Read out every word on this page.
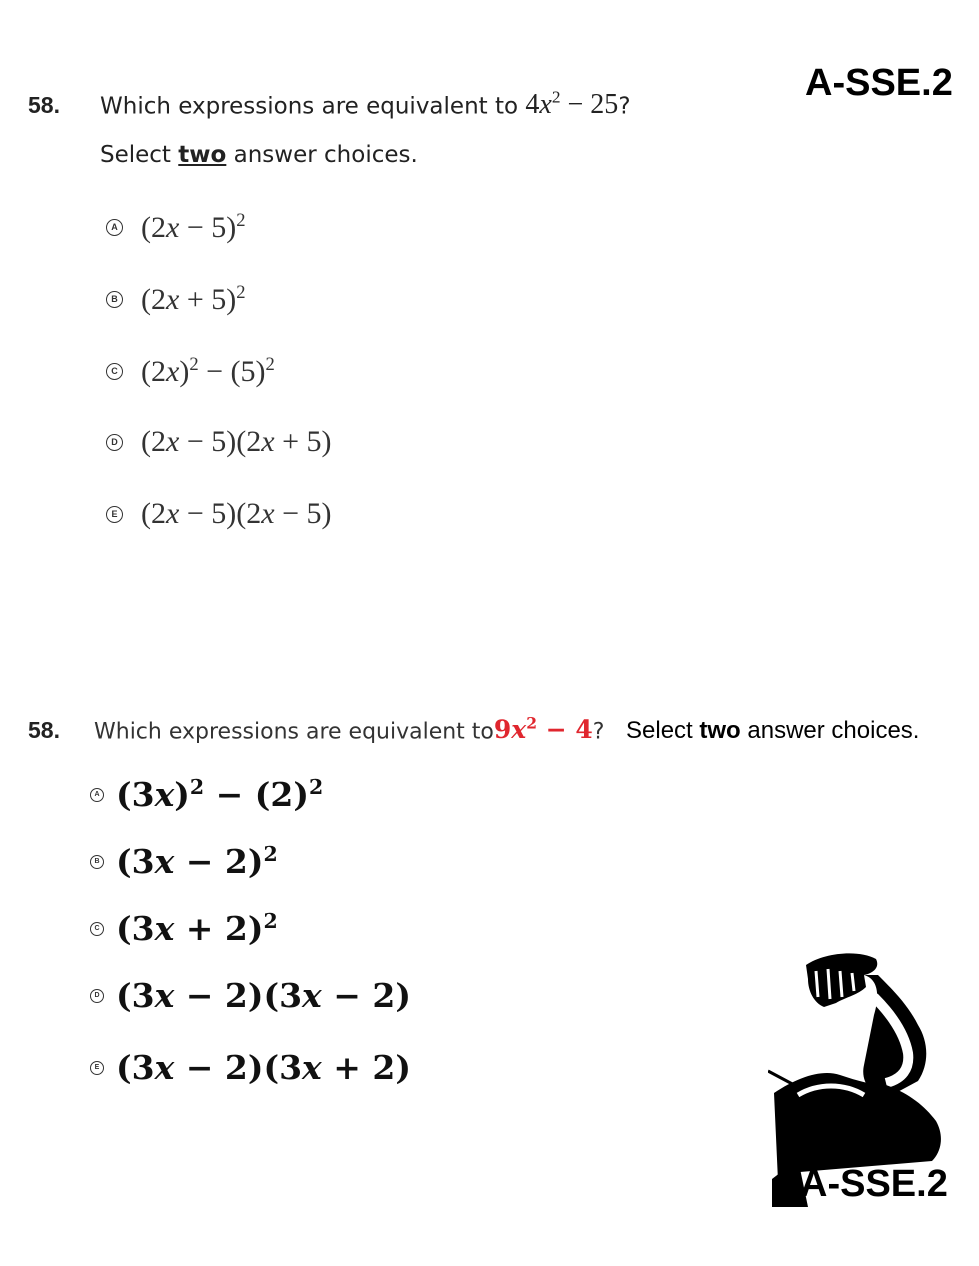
A-SSE.2
58. Which expressions are equivalent to $4x^2 - 25$?
Select two answer choices.
A $(2x - 5)^2$
B $(2x + 5)^2$
C $(2x)^2 - (5)^2$
D (2x − 5)(2x + 5)
E (2x − 5)(2x − 5)
58. Which expressions are equivalent $to9x^2 - 4$? Select two answer choices.
A $(3x)^2 - (2)^2$
B $(3x - 2)^2$
C $(3x + 2)^2$
D (3x − 2)(3x − 2)
E (3x − 2)(3x + 2)
A-SSE.2
